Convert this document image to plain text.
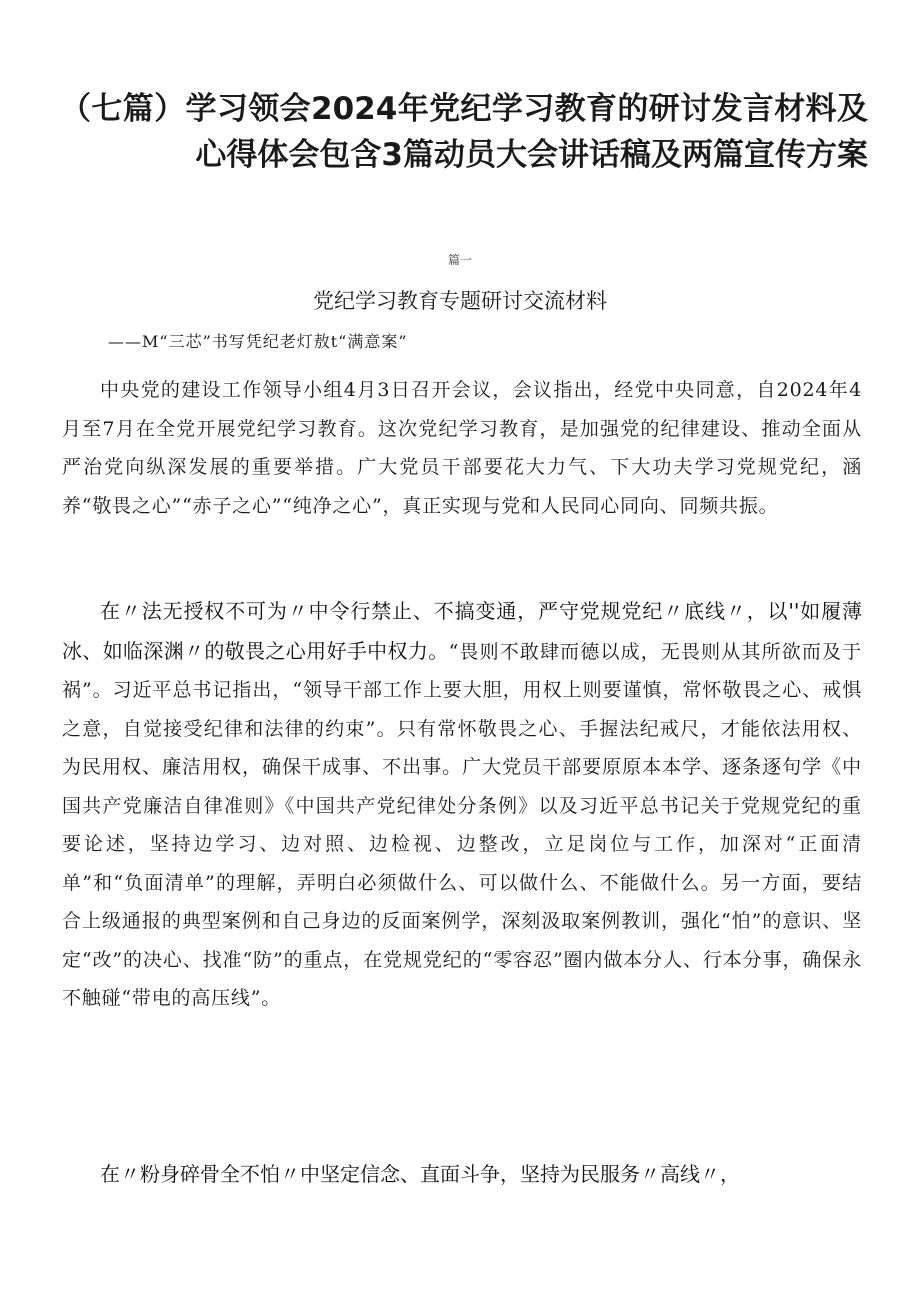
（七篇）学习领会2024年党纪学习教育的研讨发言材料及心得体会包含3篇动员大会讲话稿及两篇宣传方案
篇一
党纪学习教育专题研讨交流材料
——M“三芯”书写凭纪老灯敖t“满意案”

中央党的建设工作领导小组4月3日召开会议，会议指出，经党中央同意，自2024年4月至7月在全党开展党纪学习教育。这次党纪学习教育，是加强党的纪律建设、推动全面从严治党向纵深发展的重要举措。广大党员干部要花大力气、下大功夫学习党规党纪，涵养“敬畏之心”“赤子之心”“纯净之心”，真正实现与党和人民同心同向、同频共振。

在〃法无授权不可为〃中令行禁止、不搞变通，严守党规党纪〃底线〃，以''如履薄冰、如临深渊〃的敬畏之心用好手中权力。“畏则不敢肆而德以成，无畏则从其所欲而及于祸”。习近平总书记指出，“领导干部工作上要大胆，用权上则要谨慎，常怀敬畏之心、戒惧之意，自觉接受纪律和法律的约束”。只有常怀敬畏之心、手握法纪戒尺，才能依法用权、为民用权、廉洁用权，确保干成事、不出事。广大党员干部要原原本本学、逐条逐句学《中国共产党廉洁自律准则》《中国共产党纪律处分条例》以及习近平总书记关于党规党纪的重要论述，坚持边学习、边对照、边检视、边整改，立足岗位与工作，加深对“正面清单”和“负面清单”的理解，弄明白必须做什么、可以做什么、不能做什么。另一方面，要结合上级通报的典型案例和自己身边的反面案例学，深刻汲取案例教训，强化“怕”的意识、坚定“改”的决心、找准“防”的重点，在党规党纪的“零容忍”圈内做本分人、行本分事，确保永不触碰“带电的高压线”。

在〃粉身碎骨全不怕〃中坚定信念、直面斗争，坚持为民服务〃高线〃，
